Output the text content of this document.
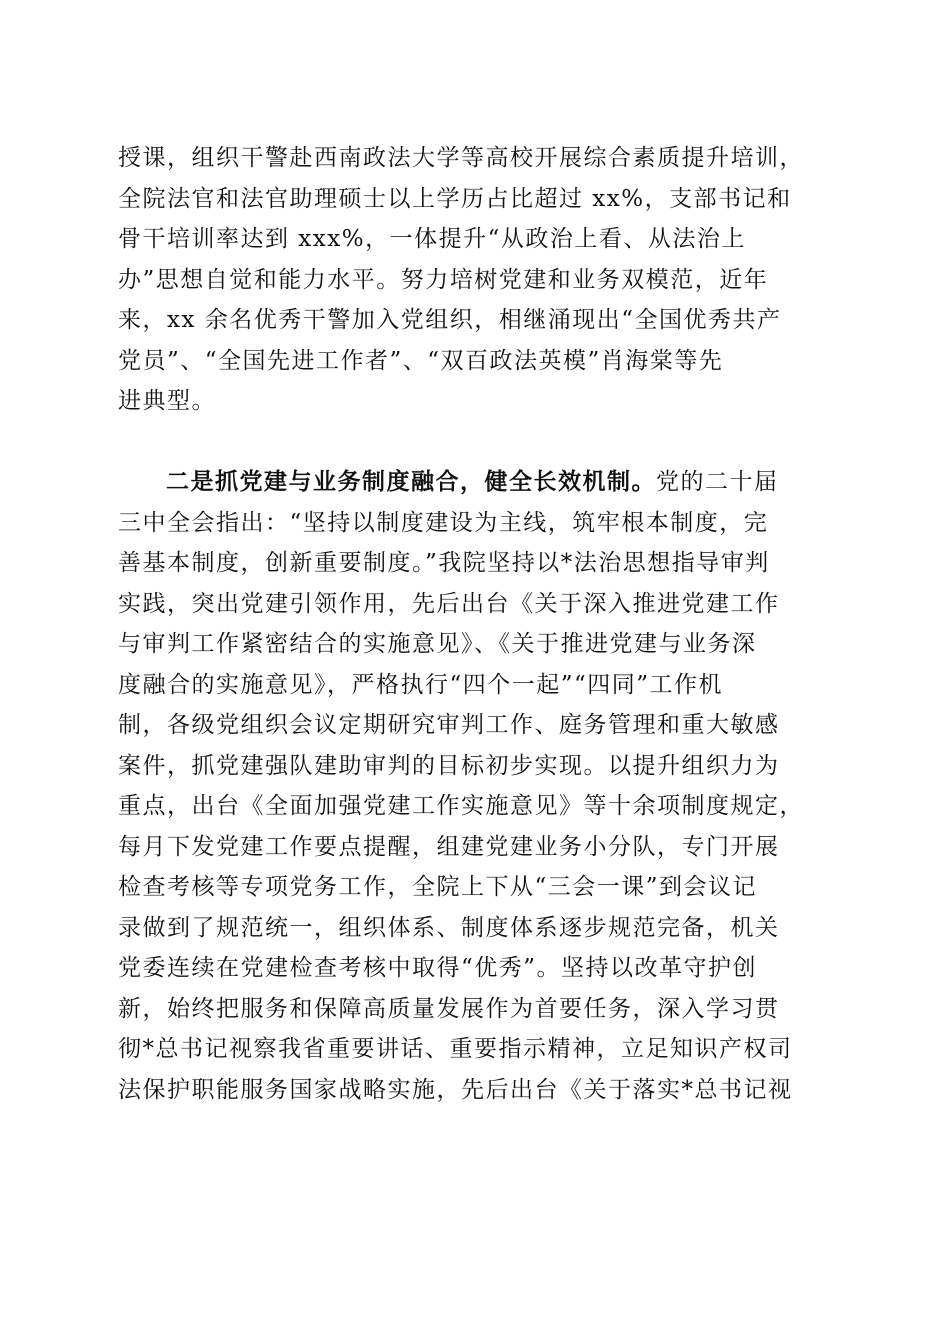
授课，组织干警赴西南政法大学等高校开展综合素质提升培训，
全院法官和法官助理硕士以上学历占比超过 xx%，支部书记和
骨干培训率达到 xxx%，一体提升“从政治上看、从法治上
办”思想自觉和能力水平。努力培树党建和业务双模范，近年
来，xx 余名优秀干警加入党组织，相继涌现出“全国优秀共产
党员”、“全国先进工作者”、“双百政法英模”肖海棠等先
进典型。
二是抓党建与业务制度融合，健全长效机制。党的二十届
三中全会指出：“坚持以制度建设为主线，筑牢根本制度，完
善基本制度，创新重要制度。”我院坚持以*法治思想指导审判
实践，突出党建引领作用，先后出台《关于深入推进党建工作
与审判工作紧密结合的实施意见》、《关于推进党建与业务深
度融合的实施意见》，严格执行“四个一起”“四同”工作机
制，各级党组织会议定期研究审判工作、庭务管理和重大敏感
案件，抓党建强队建助审判的目标初步实现。以提升组织力为
重点，出台《全面加强党建工作实施意见》等十余项制度规定，
每月下发党建工作要点提醒，组建党建业务小分队，专门开展
检查考核等专项党务工作，全院上下从“三会一课”到会议记
录做到了规范统一，组织体系、制度体系逐步规范完备，机关
党委连续在党建检查考核中取得“优秀”。坚持以改革守护创
新，始终把服务和保障高质量发展作为首要任务，深入学习贯
彻*总书记视察我省重要讲话、重要指示精神，立足知识产权司
法保护职能服务国家战略实施，先后出台《关于落实*总书记视
